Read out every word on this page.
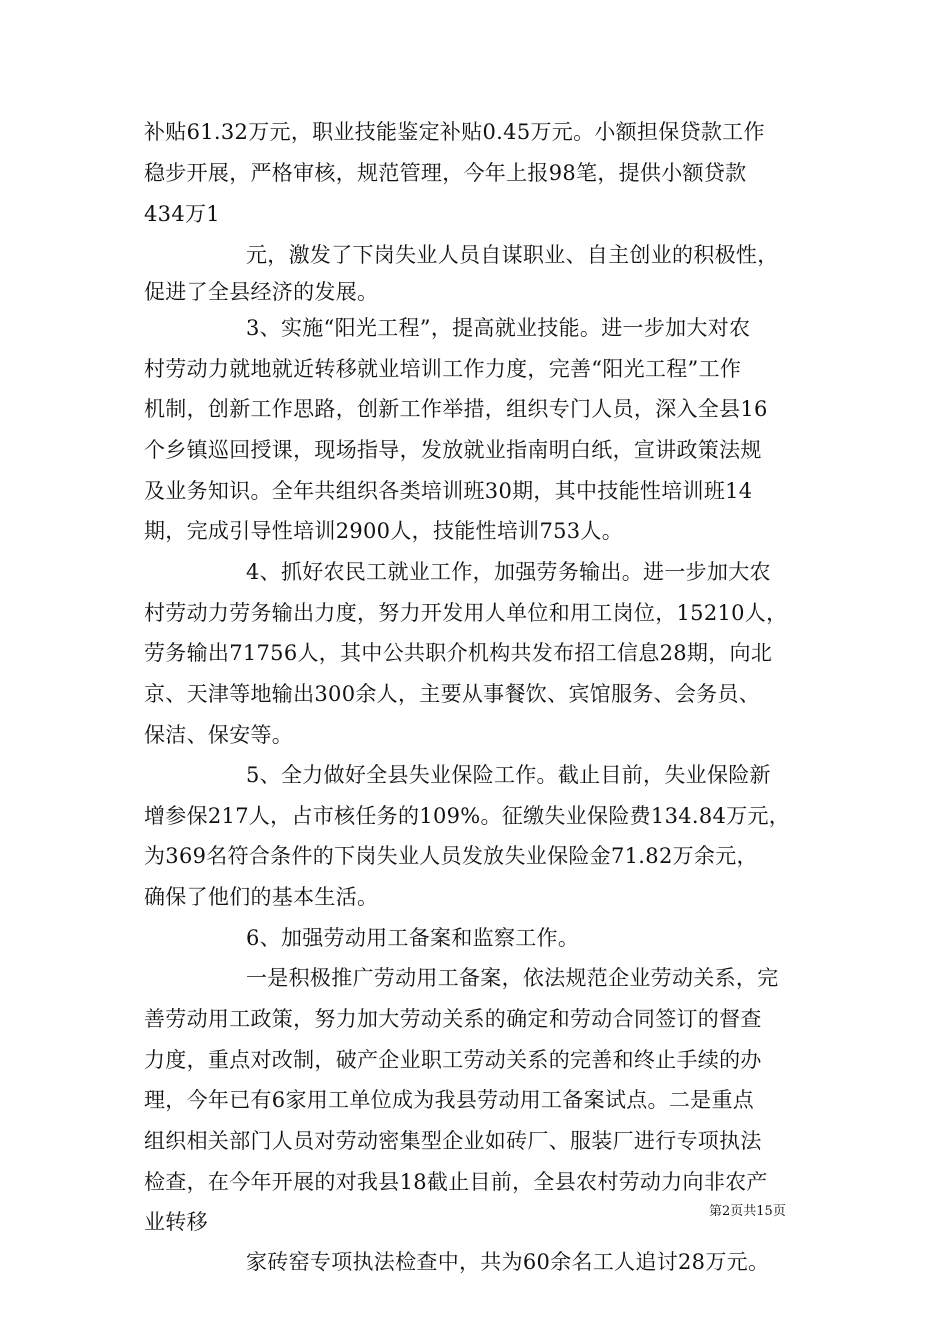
补贴61.32万元，职业技能鉴定补贴0.45万元。小额担保贷款工作
稳步开展，严格审核，规范管理，今年上报98笔，提供小额贷款
434万1
元，激发了下岗失业人员自谋职业、自主创业的积极性，
促进了全县经济的发展。
3、实施“阳光工程”，提高就业技能。进一步加大对农
村劳动力就地就近转移就业培训工作力度，完善“阳光工程”工作
机制，创新工作思路，创新工作举措，组织专门人员，深入全县16
个乡镇巡回授课，现场指导，发放就业指南明白纸，宣讲政策法规
及业务知识。全年共组织各类培训班30期，其中技能性培训班14
期，完成引导性培训2900人，技能性培训753人。
4、抓好农民工就业工作，加强劳务输出。进一步加大农
村劳动力劳务输出力度，努力开发用人单位和用工岗位，15210人，
劳务输出71756人，其中公共职介机构共发布招工信息28期，向北
京、天津等地输出300余人，主要从事餐饮、宾馆服务、会务员、
保洁、保安等。
5、全力做好全县失业保险工作。截止目前，失业保险新
增参保217人，占市核任务的109%。征缴失业保险费134.84万元，
为369名符合条件的下岗失业人员发放失业保险金71.82万余元，
确保了他们的基本生活。
6、加强劳动用工备案和监察工作。
一是积极推广劳动用工备案，依法规范企业劳动关系，完
善劳动用工政策，努力加大劳动关系的确定和劳动合同签订的督查
力度，重点对改制，破产企业职工劳动关系的完善和终止手续的办
理，今年已有6家用工单位成为我县劳动用工备案试点。二是重点
组织相关部门人员对劳动密集型企业如砖厂、服装厂进行专项执法
检查，在今年开展的对我县18截止目前，全县农村劳动力向非农产
业转移
家砖窑专项执法检查中，共为60余名工人追讨28万元。
第2页共15页
